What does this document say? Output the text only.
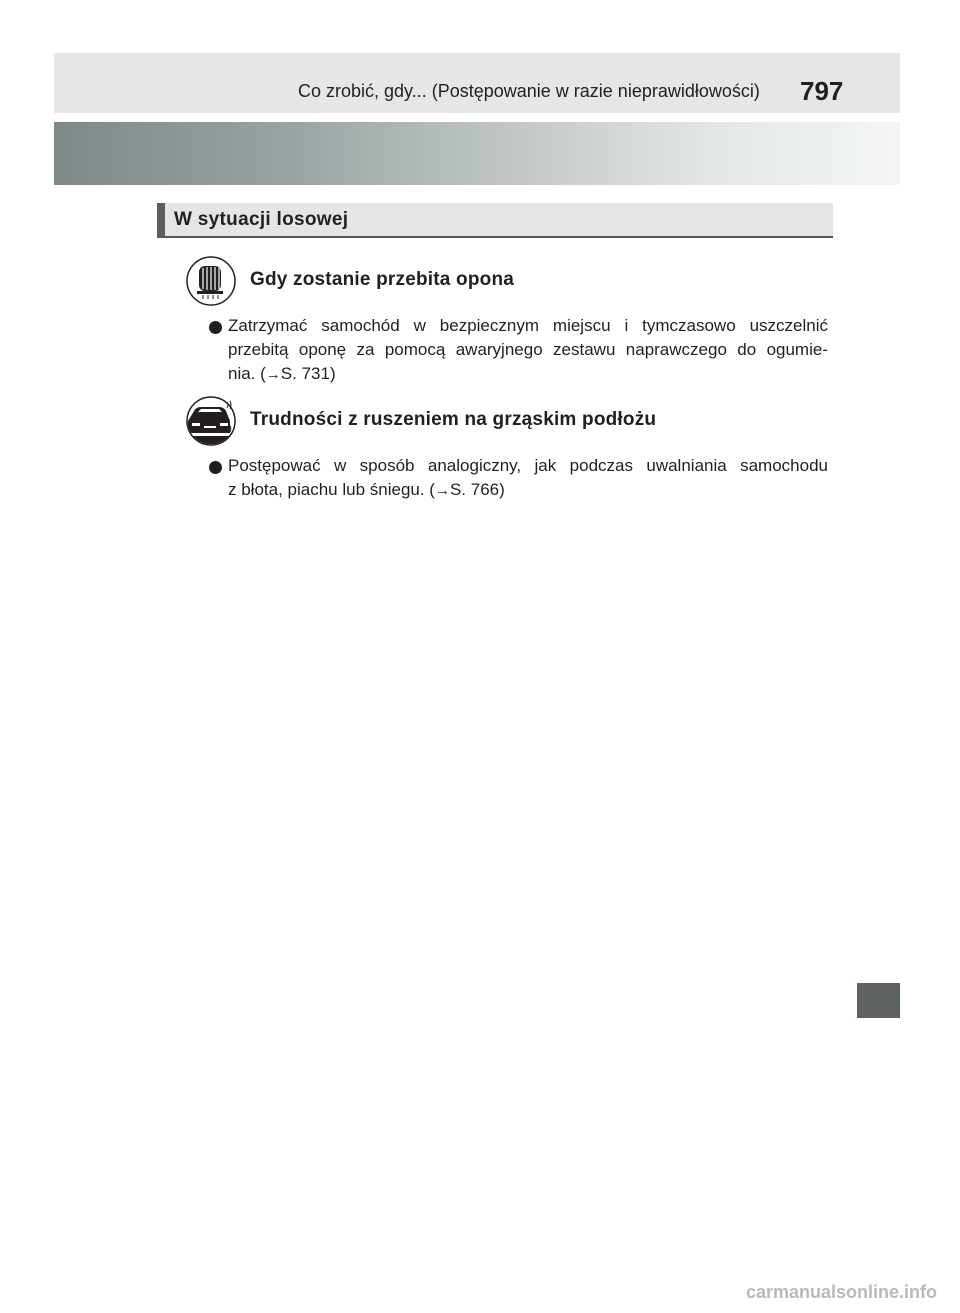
Co zrobić, gdy... (Postępowanie w razie nieprawidłowości) 797
W sytuacji losowej
Gdy zostanie przebita opona
Zatrzymać samochód w bezpiecznym miejscu i tymczasowo uszczelnić
przebitą oponę za pomocą awaryjnego zestawu naprawczego do ogumie-
nia. (→S. 731)
Trudności z ruszeniem na grząskim podłożu
Postępować w sposób analogiczny, jak podczas uwalniania samochodu
z błota, piachu lub śniegu. (→S. 766)
carmanualsonline.info
